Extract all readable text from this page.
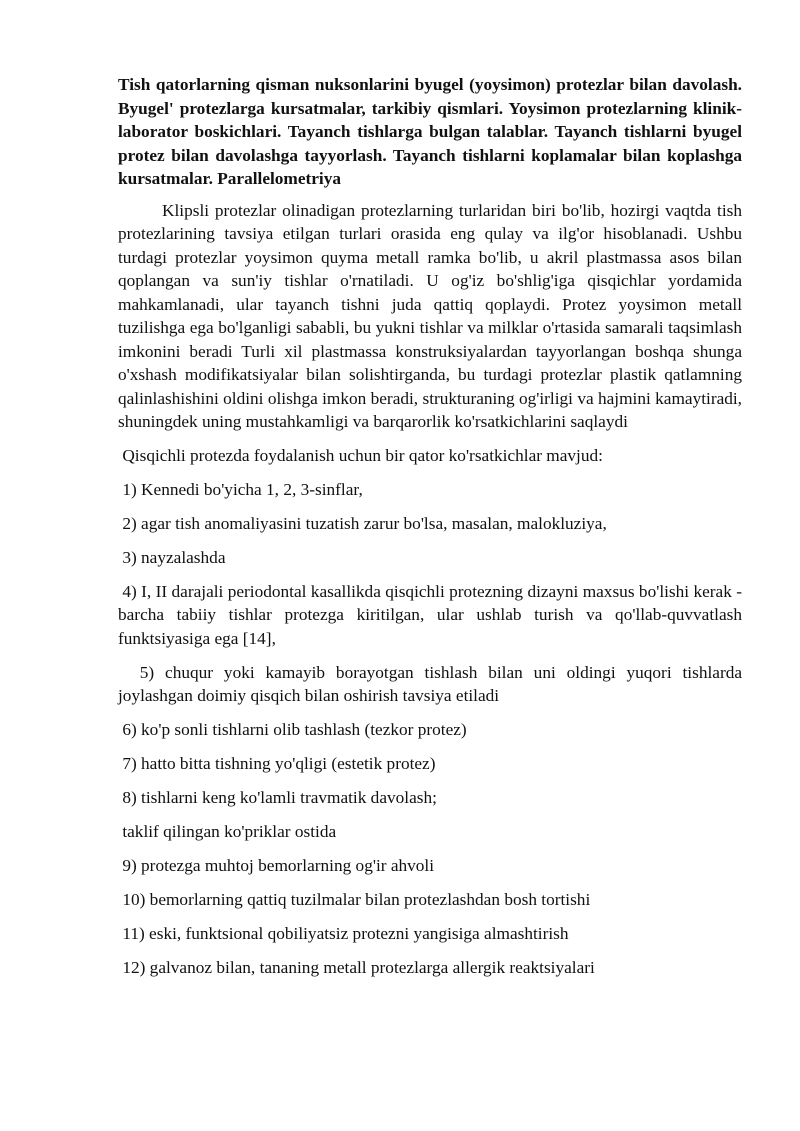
Tish qatorlarning qisman nuksonlarini byugel (yoysimon) protezlar bilan davolash. Byugel' protezlarga kursatmalar, tarkibiy qismlari. Yoysimon protezlarning klinik-laborator boskichlari. Tayanch tishlarga bulgan talablar. Tayanch tishlarni byugel protez bilan davolashga tayyorlash. Tayanch tishlarni koplamalar bilan koplashga kursatmalar. Parallelometriya

Klipsli protezlar olinadigan protezlarning turlaridan biri bo'lib, hozirgi vaqtda tish protezlarining tavsiya etilgan turlari orasida eng qulay va ilg'or hisoblanadi. Ushbu turdagi protezlar yoysimon quyma metall ramka bo'lib, u akril plastmassa asos bilan qoplangan va sun'iy tishlar o'rnatiladi. U og'iz bo'shlig'iga qisqichlar yordamida mahkamlanadi, ular tayanch tishni juda qattiq qoplaydi. Protez yoysimon metall tuzilishga ega bo'lganligi sababli, bu yukni tishlar va milklar o'rtasida samarali taqsimlash imkonini beradi Turli xil plastmassa konstruksiyalardan tayyorlangan boshqa shunga o'xshash modifikatsiyalar bilan solishtirganda, bu turdagi protezlar plastik qatlamning qalinlashishini oldini olishga imkon beradi, strukturaning og'irligi va hajmini kamaytiradi, shuningdek uning mustahkamligi va barqarorlik ko'rsatkichlarini saqlaydi

Qisqichli protezda foydalanish uchun bir qator ko'rsatkichlar mavjud:

1) Kennedi bo'yicha 1, 2, 3-sinflar,

2) agar tish anomaliyasini tuzatish zarur bo'lsa, masalan, malokluziya,

3) nayzalashda

4) I, II darajali periodontal kasallikda qisqichli protezning dizayni maxsus bo'lishi kerak - barcha tabiiy tishlar protezga kiritilgan, ular ushlab turish va qo'llab-quvvatlash funktsiyasiga ega [14],

5) chuqur yoki kamayib borayotgan tishlash bilan uni oldingi yuqori tishlarda joylashgan doimiy qisqich bilan oshirish tavsiya etiladi

6) ko'p sonli tishlarni olib tashlash (tezkor protez)

7) hatto bitta tishning yo'qligi (estetik protez)

8) tishlarni keng ko'lamli travmatik davolash;

taklif qilingan ko'priklar ostida

9) protezga muhtoj bemorlarning og'ir ahvoli

10) bemorlarning qattiq tuzilmalar bilan protezlashdan bosh tortishi

11) eski, funktsional qobiliyatsiz protezni yangisiga almashtirish

12) galvanoz bilan, tananing metall protezlarga allergik reaktsiyalari
